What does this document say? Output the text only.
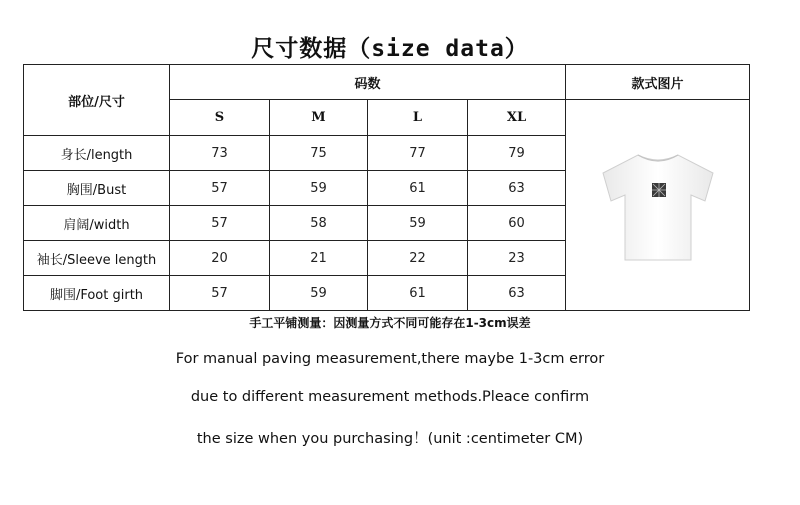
尺寸数据（size data）
部位/尺寸	码数				款式图片
	S	M	L	XL	

身长/length	73	75	77	79	
胸围/Bust	57	59	61	63	
肩阔/width	57	58	59	60	
袖长/Sleeve length	20	21	22	23	
脚围/Foot girth	57	59	61	63	
手工平铺测量：因测量方式不同可能存在1-3cm误差
For manual paving measurement,there maybe 1-3cm error
due to different measurement methods.Pleace confirm
the size when you purchasing！(unit :centimeter CM)
